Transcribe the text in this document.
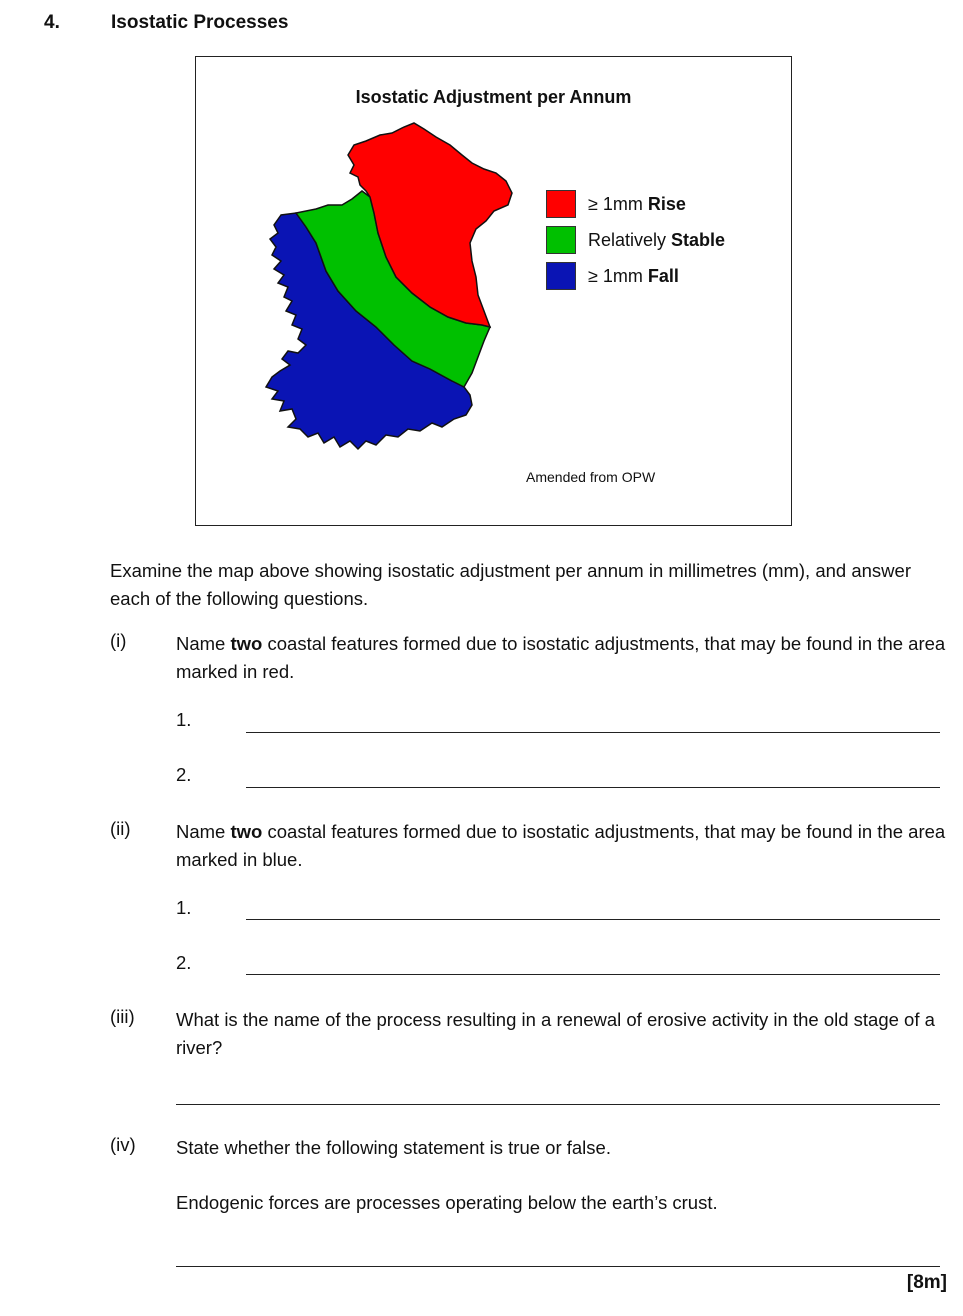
4.	Isostatic Processes
Isostatic Adjustment per Annum
≥ 1mm Rise
Relatively Stable
≥ 1mm Fall
Amended from OPW
Examine the map above showing isostatic adjustment per annum in millimetres (mm), and answer each of the following questions.
(i)	Name two coastal features formed due to isostatic adjustments, that may be found in the area marked in red.
1.
2.
(ii) Name two coastal features formed due to isostatic adjustments, that may be found in the area marked in blue.
1.
2.
(iii) What is the name of the process resulting in a renewal of erosive activity in the old stage of a river?
(iv) State whether the following statement is true or false.
Endogenic forces are processes operating below the earth’s crust.
[8m]
